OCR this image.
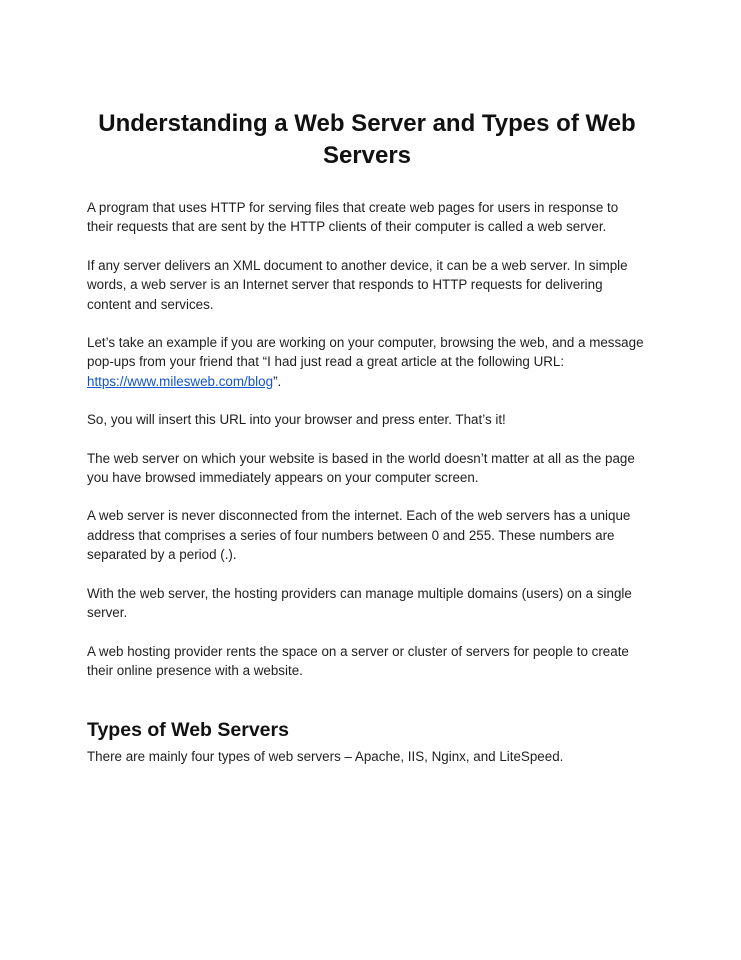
Understanding a Web Server and Types of Web Servers

A program that uses HTTP for serving files that create web pages for users in response to their requests that are sent by the HTTP clients of their computer is called a web server.

If any server delivers an XML document to another device, it can be a web server. In simple words, a web server is an Internet server that responds to HTTP requests for delivering content and services.

Let’s take an example if you are working on your computer, browsing the web, and a message pop-ups from your friend that “I had just read a great article at the following URL: https://www.milesweb.com/blog”.

So, you will insert this URL into your browser and press enter. That’s it!

The web server on which your website is based in the world doesn’t matter at all as the page you have browsed immediately appears on your computer screen.

A web server is never disconnected from the internet. Each of the web servers has a unique address that comprises a series of four numbers between 0 and 255. These numbers are separated by a period (.).

With the web server, the hosting providers can manage multiple domains (users) on a single server.

A web hosting provider rents the space on a server or cluster of servers for people to create their online presence with a website.

Types of Web Servers

There are mainly four types of web servers – Apache, IIS, Nginx, and LiteSpeed.
